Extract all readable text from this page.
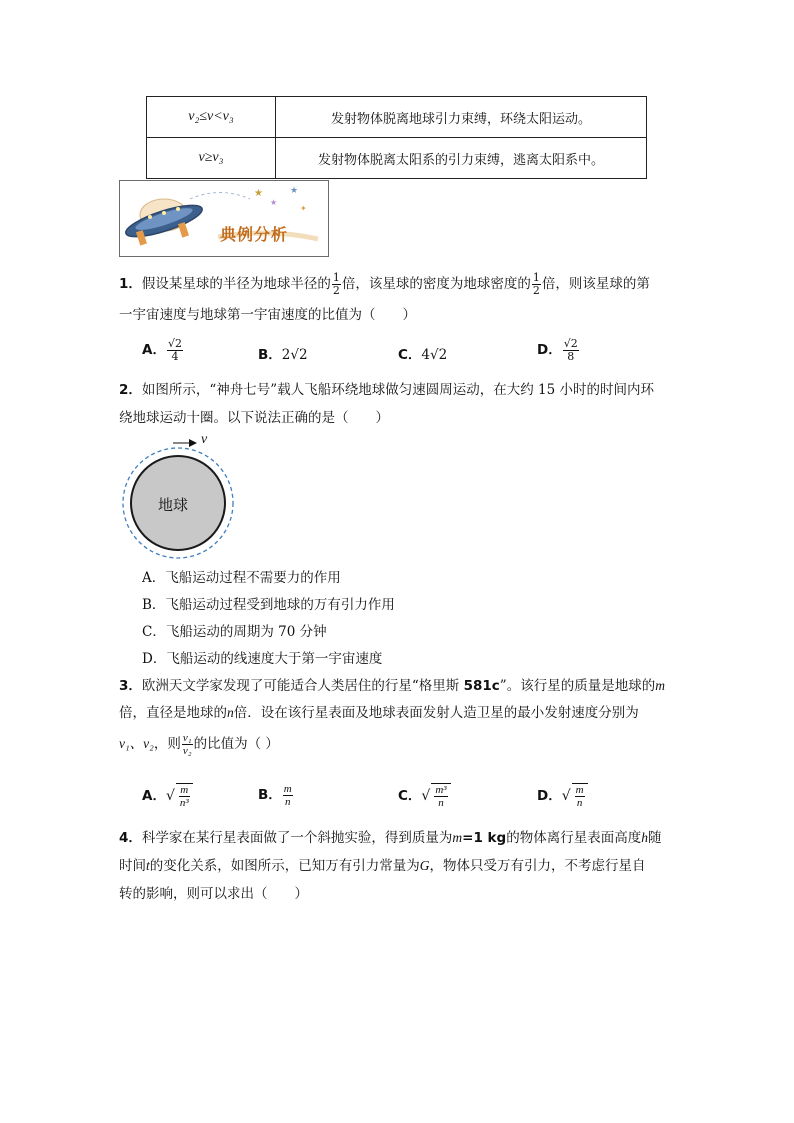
v₂≤v<v₃	发射物体脱离地球引力束缚，环绕太阳运动。
v≥v₃	发射物体脱离太阳系的引力束缚，逃离太阳系中。
★
★
★
✦
典例分析
1．假设某星球的半径为地球半径的 $\frac{1}{2}$ 倍，该星球的密度为地球密度的 $\frac{1}{2}$ 倍，则该星球的第
一宇宙速度与地球第一宇宙速度的比值为（　　）
A． $\frac{√2}{4}$	B．2√2	C．4√2	D． $\frac{√2}{8}$
2．如图所示，“神舟七号”载人飞船环绕地球做匀速圆周运动，在大约 15 小时的时间内环
绕地球运动十圈。以下说法正确的是（　　）
v
地球
A．飞船运动过程不需要力的作用
B．飞船运动过程受到地球的万有引力作用
C．飞船运动的周期为 70 分钟
D．飞船运动的线速度大于第一宇宙速度
3．欧洲天文学家发现了可能适合人类居住的行星“格里斯 581c”。该行星的质量是地球的m
倍，直径是地球的n倍．设在该行星表面及地球表面发射人造卫星的最小发射速度分别为
v₁、v₂，则 $\frac{\text{v₁}}{\text{v₂}}$ 的比值为（ ）
A．√ $\frac{m}{\text{n³}}$	B． $\frac{m}{n}$	C．√ $\frac{\text{m³}}{n}$	D．√ $\frac{m}{n}$
4．科学家在某行星表面做了一个斜抛实验，得到质量为m=1 kg的物体离行星表面高度h随
时间t的变化关系，如图所示，已知万有引力常量为G，物体只受万有引力，不考虑行星自
转的影响，则可以求出（　　）
